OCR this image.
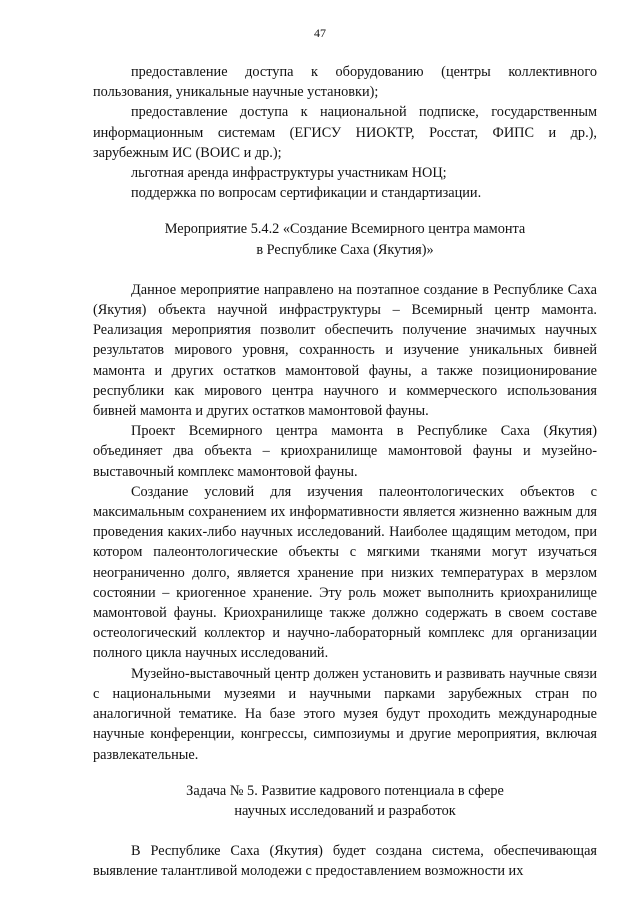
47

предоставление доступа к оборудованию (центры коллективного пользования, уникальные научные установки);

предоставление доступа к национальной подписке, государственным информационным системам (ЕГИСУ НИОКТР, Росстат, ФИПС и др.), зарубежным ИС (ВОИС и др.);

льготная аренда инфраструктуры участникам НОЦ;

поддержка по вопросам сертификации и стандартизации.

Мероприятие 5.4.2 «Создание Всемирного центра мамонта

в Республике Саха (Якутия)»

Данное мероприятие направлено на поэтапное создание в Республике Саха (Якутия) объекта научной инфраструктуры – Всемирный центр мамонта. Реализация мероприятия позволит обеспечить получение значимых научных результатов мирового уровня, сохранность и изучение уникальных бивней мамонта и других остатков мамонтовой фауны, а также позиционирование республики как мирового центра научного и коммерческого использования бивней мамонта и других остатков мамонтовой фауны.

Проект Всемирного центра мамонта в Республике Саха (Якутия) объединяет два объекта – криохранилище мамонтовой фауны и музейно-выставочный комплекс мамонтовой фауны.

Создание условий для изучения палеонтологических объектов с максимальным сохранением их информативности является жизненно важным для проведения каких-либо научных исследований. Наиболее щадящим методом, при котором палеонтологические объекты с мягкими тканями могут изучаться неограниченно долго, является хранение при низких температурах в мерзлом состоянии – криогенное хранение. Эту роль может выполнить криохранилище мамонтовой фауны. Криохранилище также должно содержать в своем составе остеологический коллектор и научно-лабораторный комплекс для организации полного цикла научных исследований.

Музейно-выставочный центр должен установить и развивать научные связи с национальными музеями и научными парками зарубежных стран по аналогичной тематике. На базе этого музея будут проходить международные научные конференции, конгрессы, симпозиумы и другие мероприятия, включая развлекательные.

Задача № 5. Развитие кадрового потенциала в сфере

научных исследований и разработок

В Республике Саха (Якутия) будет создана система, обеспечивающая выявление талантливой молодежи с предоставлением возможности их
